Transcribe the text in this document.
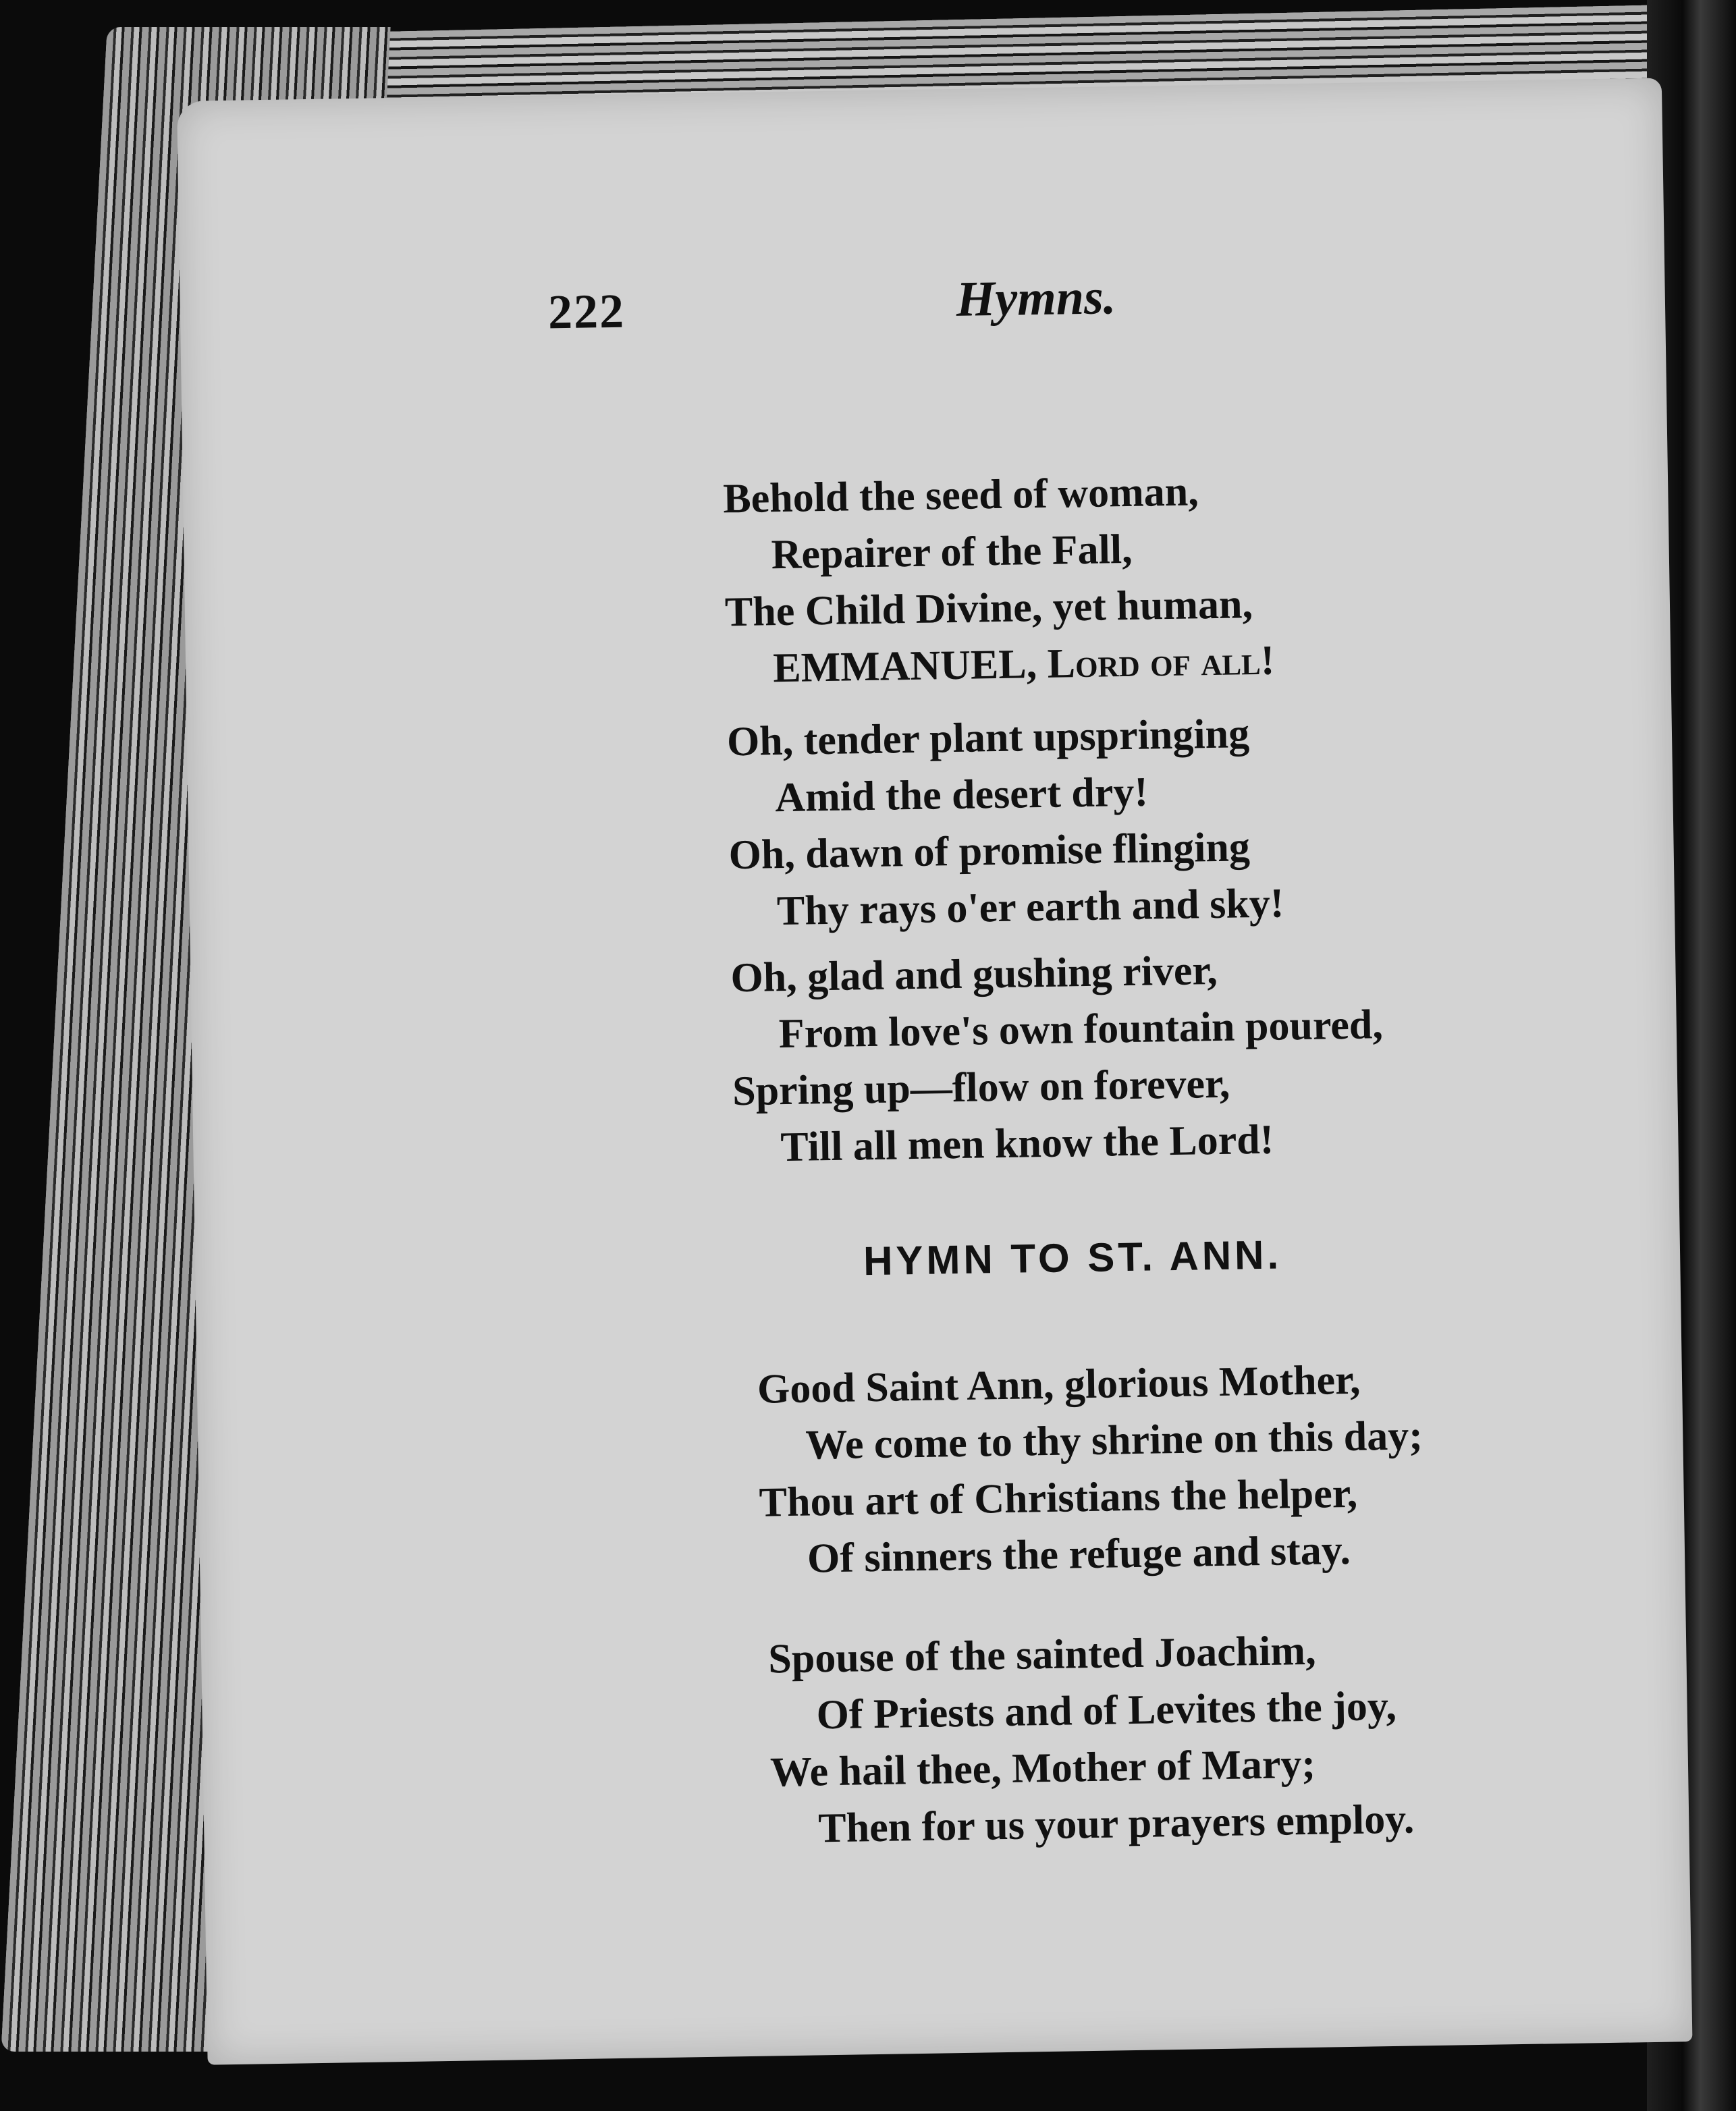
222	Hymns.
Behold the seed of woman,
Repairer of the Fall,
The Child Divine, yet human,
EMMANUEL, Lord of all!
Oh, tender plant upspringing
Amid the desert dry!
Oh, dawn of promise flinging
Thy rays o'er earth and sky!
Oh, glad and gushing river,
From love's own fountain poured,
Spring up—flow on forever,
Till all men know the Lord!
HYMN TO ST. ANN.
Good Saint Ann, glorious Mother,
We come to thy shrine on this day;
Thou art of Christians the helper,
Of sinners the refuge and stay.
Spouse of the sainted Joachim,
Of Priests and of Levites the joy,
We hail thee, Mother of Mary;
Then for us your prayers employ.
